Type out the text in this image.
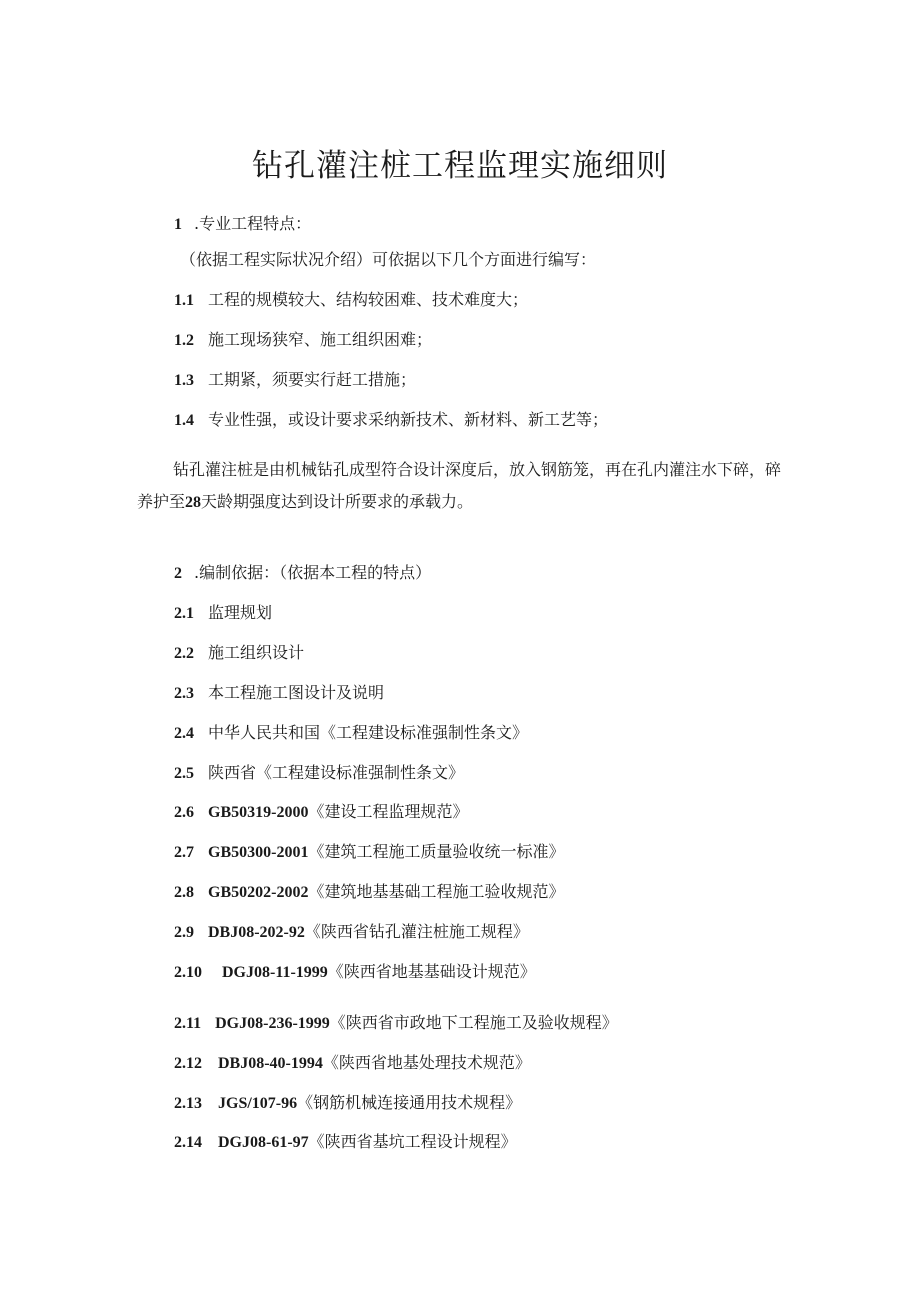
钻孔灌注桩工程监理实施细则
1 .专业工程特点：
（依据工程实际状况介绍）可依据以下几个方面进行编写：
1.1 工程的规模较大、结构较困难、技术难度大；
1.2 施工现场狭窄、施工组织困难；
1.3 工期紧，须要实行赶工措施；
1.4 专业性强，或设计要求采纳新技术、新材料、新工艺等；
钻孔灌注桩是由机械钻孔成型符合设计深度后，放入钢筋笼，再在孔内灌注水下碎，碎养护至28天龄期强度达到设计所要求的承载力。
2 .编制依据：（依据本工程的特点）
2.1 监理规划
2.2 施工组织设计
2.3 本工程施工图设计及说明
2.4 中华人民共和国《工程建设标准强制性条文》
2.5 陕西省《工程建设标准强制性条文》
2.6 GB50319-2000《建设工程监理规范》
2.7 GB50300-2001《建筑工程施工质量验收统一标准》
2.8 GB50202-2002《建筑地基基础工程施工验收规范》
2.9 DBJ08-202-92《陕西省钻孔灌注桩施工规程》
2.10 DGJ08-11-1999《陕西省地基基础设计规范》
2.11 DGJ08-236-1999《陕西省市政地下工程施工及验收规程》
2.12 DBJ08-40-1994《陕西省地基处理技术规范》
2.13 JGS/107-96《钢筋机械连接通用技术规程》
2.14 DGJ08-61-97《陕西省基坑工程设计规程》
